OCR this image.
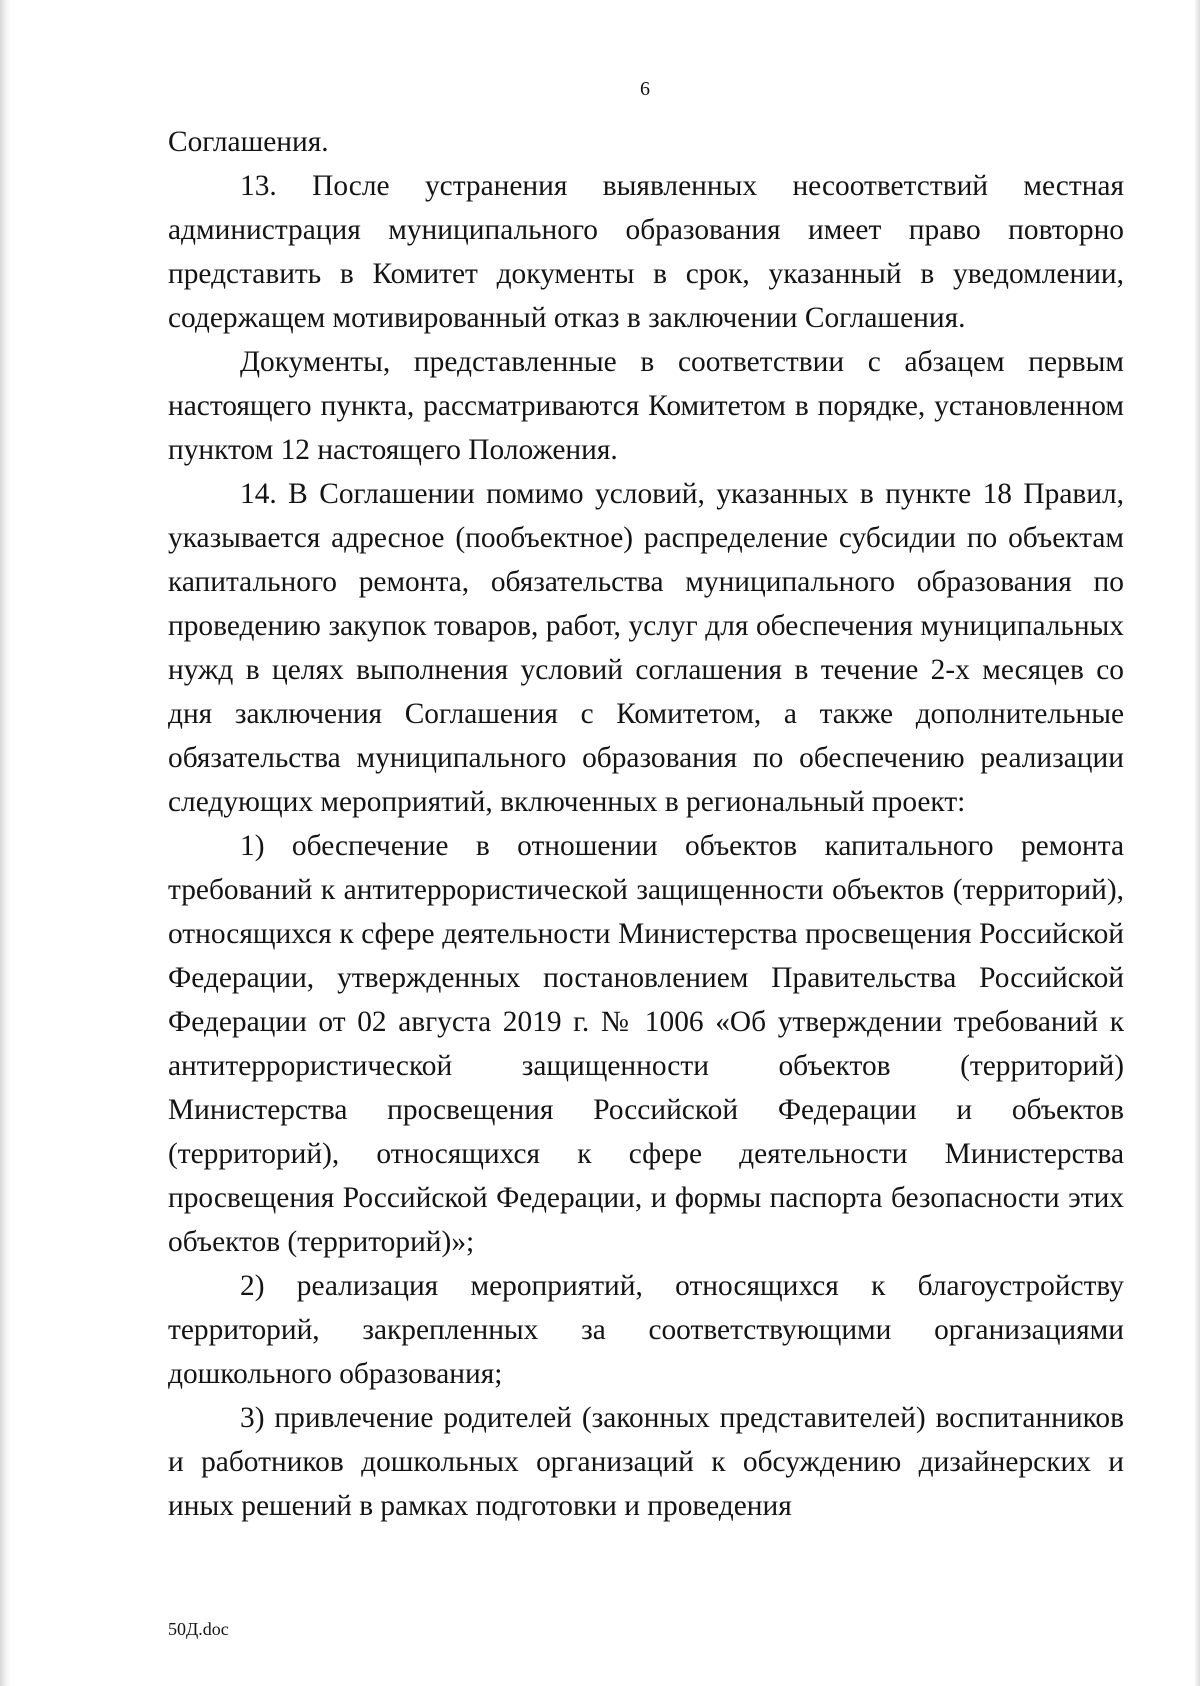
6

Соглашения.

13. После устранения выявленных несоответствий местная администрация муниципального образования имеет право повторно представить в Комитет документы в срок, указанный в уведомлении, содержащем мотивированный отказ в заключении Соглашения.

Документы, представленные в соответствии с абзацем первым настоящего пункта, рассматриваются Комитетом в порядке, установленном пунктом 12 настоящего Положения.

14. В Соглашении помимо условий, указанных в пункте 18 Правил, указывается адресное (пообъектное) распределение субсидии по объектам капитального ремонта, обязательства муниципального образования по проведению закупок товаров, работ, услуг для обеспечения муниципальных нужд в целях выполнения условий соглашения в течение 2-х месяцев со дня заключения Соглашения с Комитетом, а также дополнительные обязательства муниципального образования по обеспечению реализации следующих мероприятий, включенных в региональный проект:

1) обеспечение в отношении объектов капитального ремонта требований к антитеррористической защищенности объектов (территорий), относящихся к сфере деятельности Министерства просвещения Российской Федерации, утвержденных постановлением Правительства Российской Федерации от 02 августа 2019 г. № 1006 «Об утверждении требований к антитеррористической защищенности объектов (территорий) Министерства просвещения Российской Федерации и объектов (территорий), относящихся к сфере деятельности Министерства просвещения Российской Федерации, и формы паспорта безопасности этих объектов (территорий)»;

2) реализация мероприятий, относящихся к благоустройству территорий, закрепленных за соответствующими организациями дошкольного образования;

3) привлечение родителей (законных представителей) воспитанников и работников дошкольных организаций к обсуждению дизайнерских и иных решений в рамках подготовки и проведения

50Д.doc
